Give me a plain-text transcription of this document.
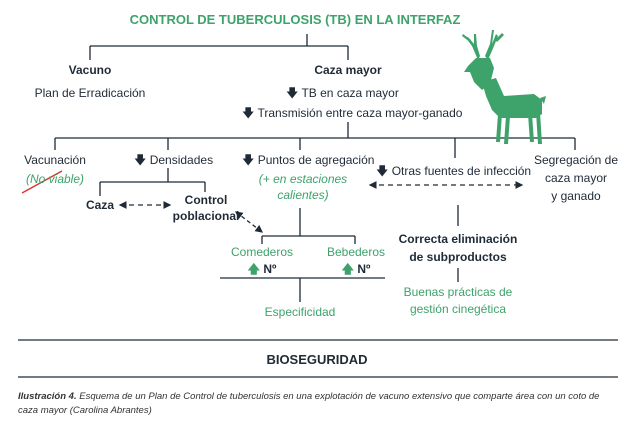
CONTROL DE TUBERCULOSIS (TB) EN LA INTERFAZ
Vacuno
Plan de Erradicación
Caza mayor
🡇 TB en caza mayor
🡇 Transmisión entre caza mayor-ganado
Vacunación
(No viable)
🡇 Densidades
Caza	Control
poblacional
🡇 Puntos de agregación
(+ en estaciones
calientes)
🡇 Otras fuentes de infección
Segregación de
caza mayor
y ganado
Comederos
🡅 Nº
Bebederos
🡅 Nº
Especificidad
Correcta eliminación
de subproductos
Buenas prácticas de
gestión cinegética
BIOSEGURIDAD
Ilustración 4. Esquema de un Plan de Control de tuberculosis en una explotación de vacuno extensivo que comparte área con un coto de caza mayor (Carolina Abrantes)
